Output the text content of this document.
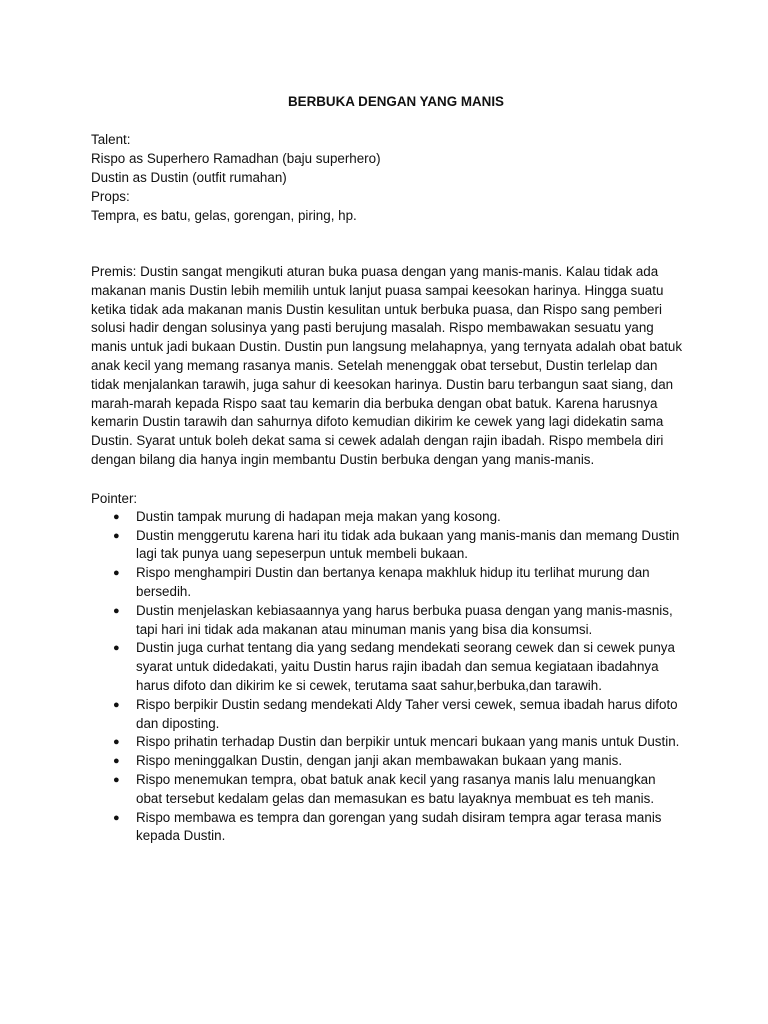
BERBUKA DENGAN YANG MANIS

Talent:

Rispo as Superhero Ramadhan (baju superhero)

Dustin as Dustin (outfit rumahan)

Props:

Tempra, es batu, gelas, gorengan, piring, hp.

Premis: Dustin sangat mengikuti aturan buka puasa dengan yang manis-manis. Kalau tidak ada makanan manis Dustin lebih memilih untuk lanjut puasa sampai keesokan harinya. Hingga suatu ketika tidak ada makanan manis Dustin kesulitan untuk berbuka puasa, dan Rispo sang pemberi solusi hadir dengan solusinya yang pasti berujung masalah. Rispo membawakan sesuatu yang manis untuk jadi bukaan Dustin. Dustin pun langsung melahapnya, yang ternyata adalah obat batuk anak kecil yang memang rasanya manis. Setelah menenggak obat tersebut, Dustin terlelap dan tidak menjalankan tarawih, juga sahur di keesokan harinya. Dustin baru terbangun saat siang, dan marah-marah kepada Rispo saat tau kemarin dia berbuka dengan obat batuk. Karena harusnya kemarin Dustin tarawih dan sahurnya difoto kemudian dikirim ke cewek yang lagi didekatin sama Dustin. Syarat untuk boleh dekat sama si cewek adalah dengan rajin ibadah. Rispo membela diri dengan bilang dia hanya ingin membantu Dustin berbuka dengan yang manis-manis.

Pointer:

● Dustin tampak murung di hadapan meja makan yang kosong.
● Dustin menggerutu karena hari itu tidak ada bukaan yang manis-manis dan memang Dustin lagi tak punya uang sepeserpun untuk membeli bukaan.
● Rispo menghampiri Dustin dan bertanya kenapa makhluk hidup itu terlihat murung dan bersedih.
● Dustin menjelaskan kebiasaannya yang harus berbuka puasa dengan yang manis-masnis, tapi hari ini tidak ada makanan atau minuman manis yang bisa dia konsumsi.
● Dustin juga curhat tentang dia yang sedang mendekati seorang cewek dan si cewek punya syarat untuk didedakati, yaitu Dustin harus rajin ibadah dan semua kegiataan ibadahnya harus difoto dan dikirim ke si cewek, terutama saat sahur,berbuka,dan tarawih.
● Rispo berpikir Dustin sedang mendekati Aldy Taher versi cewek, semua ibadah harus difoto dan diposting.
● Rispo prihatin terhadap Dustin dan berpikir untuk mencari bukaan yang manis untuk Dustin.
● Rispo meninggalkan Dustin, dengan janji akan membawakan bukaan yang manis.
● Rispo menemukan tempra, obat batuk anak kecil yang rasanya manis lalu menuangkan obat tersebut kedalam gelas dan memasukan es batu layaknya membuat es teh manis.
● Rispo membawa es tempra dan gorengan yang sudah disiram tempra agar terasa manis kepada Dustin.
